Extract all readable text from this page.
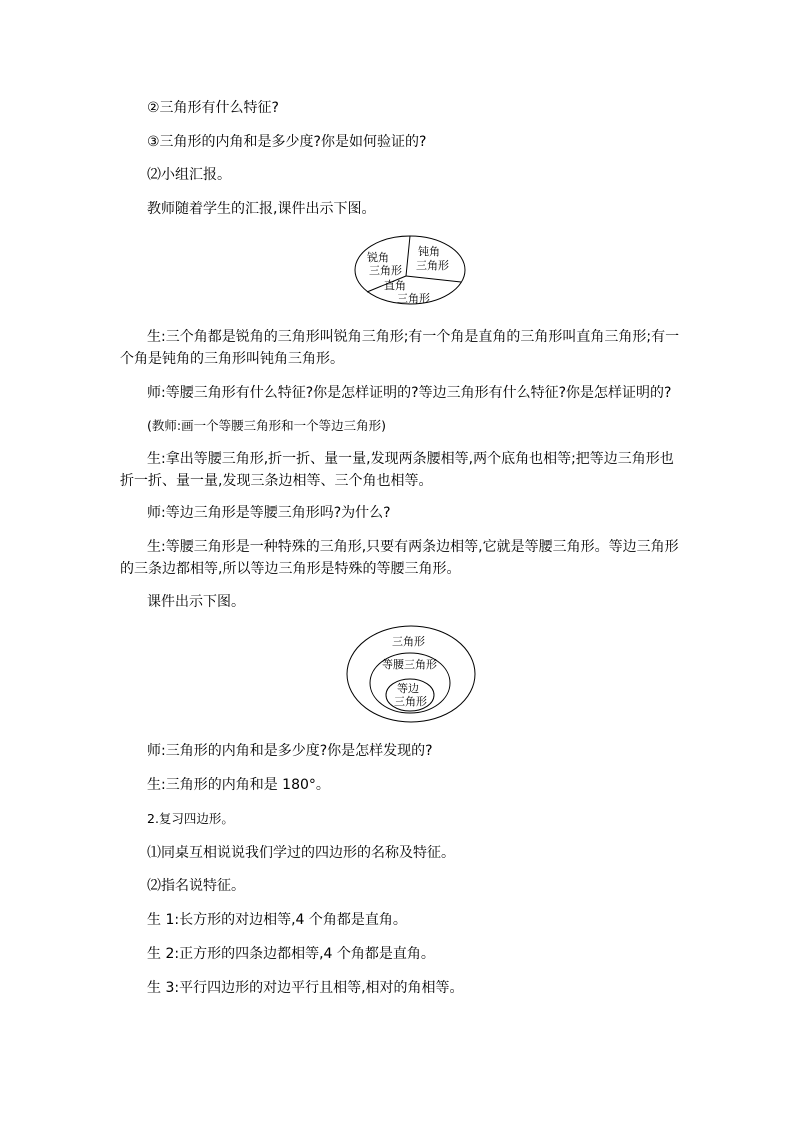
②三角形有什么特征?

③三角形的内角和是多少度?你是如何验证的?

⑵小组汇报。

教师随着学生的汇报,课件出示下图。

锐角
三角形
钝角
三角形
直角
三角形

生:三个角都是锐角的三角形叫锐角三角形;有一个角是直角的三角形叫直角三角形;有一个角是钝角的三角形叫钝角三角形。

师:等腰三角形有什么特征?你是怎样证明的?等边三角形有什么特征?你是怎样证明的?

(教师:画一个等腰三角形和一个等边三角形)

生:拿出等腰三角形,折一折、量一量,发现两条腰相等,两个底角也相等;把等边三角形也折一折、量一量,发现三条边相等、三个角也相等。

师:等边三角形是等腰三角形吗?为什么?

生:等腰三角形是一种特殊的三角形,只要有两条边相等,它就是等腰三角形。等边三角形的三条边都相等,所以等边三角形是特殊的等腰三角形。

课件出示下图。

三角形
等腰三角形
等边
三角形

师:三角形的内角和是多少度?你是怎样发现的?

生:三角形的内角和是 180°。

2.复习四边形。

⑴同桌互相说说我们学过的四边形的名称及特征。

⑵指名说特征。

生 1:长方形的对边相等,4 个角都是直角。

生 2:正方形的四条边都相等,4 个角都是直角。

生 3:平行四边形的对边平行且相等,相对的角相等。
